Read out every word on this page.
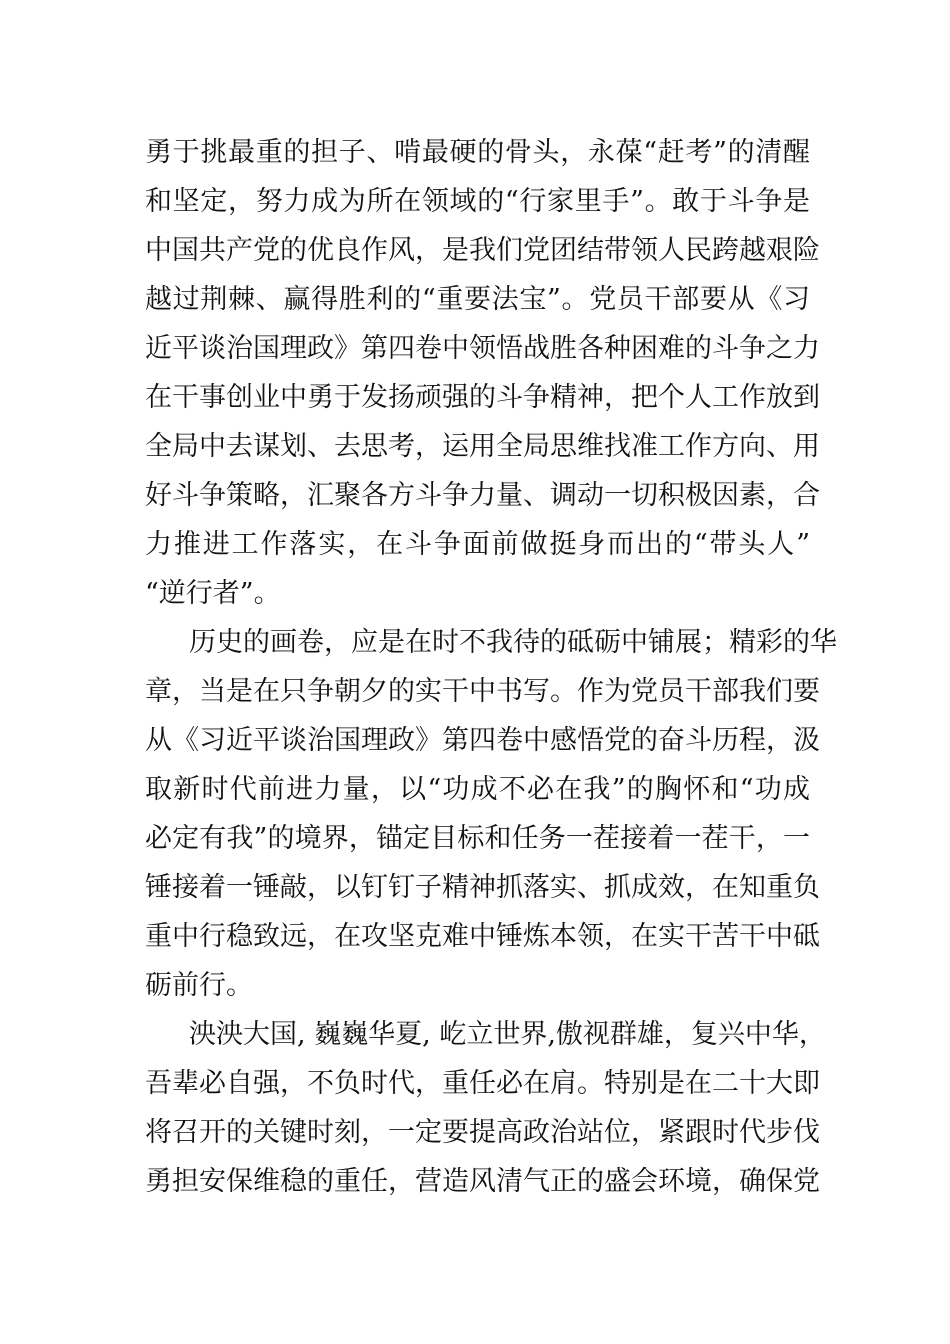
勇于挑最重的担子、啃最硬的骨头，永葆“赶考”的清醒
和坚定，努力成为所在领域的“行家里手”。敢于斗争是
中国共产党的优良作风，是我们党团结带领人民跨越艰险
越过荆棘、赢得胜利的“重要法宝”。党员干部要从《习
近平谈治国理政》第四卷中领悟战胜各种困难的斗争之力
在干事创业中勇于发扬顽强的斗争精神，把个人工作放到
全局中去谋划、去思考，运用全局思维找准工作方向、用
好斗争策略，汇聚各方斗争力量、调动一切积极因素，合
力推进工作落实，在斗争面前做挺身而出的“带头人”
“逆行者”。
历史的画卷，应是在时不我待的砥砺中铺展；精彩的华
章，当是在只争朝夕的实干中书写。作为党员干部我们要
从《习近平谈治国理政》第四卷中感悟党的奋斗历程，汲
取新时代前进力量，以“功成不必在我”的胸怀和“功成
必定有我”的境界，锚定目标和任务一茬接着一茬干，一
锤接着一锤敲，以钉钉子精神抓落实、抓成效，在知重负
重中行稳致远，在攻坚克难中锤炼本领，在实干苦干中砥
砺前行。
泱泱大国, 巍巍华夏, 屹立世界,傲视群雄，复兴中华，
吾辈必自强，不负时代，重任必在肩。特别是在二十大即
将召开的关键时刻，一定要提高政治站位，紧跟时代步伐
勇担安保维稳的重任，营造风清气正的盛会环境，确保党
